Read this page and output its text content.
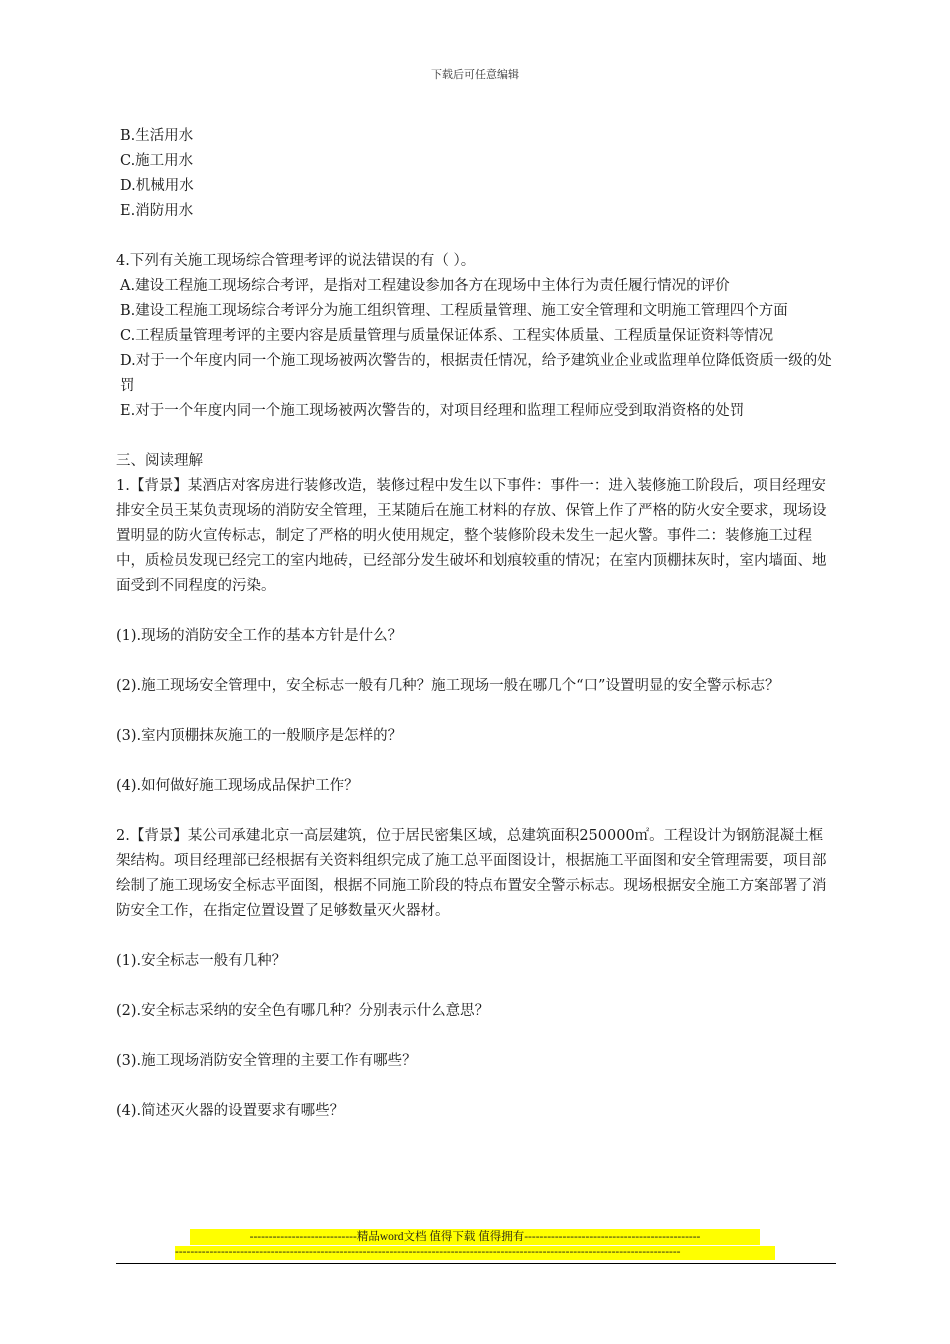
下载后可任意编辑

B.生活用水

C.施工用水

D.机械用水

E.消防用水

4.下列有关施工现场综合管理考评的说法错误的有（ ）。

A.建设工程施工现场综合考评，是指对工程建设参加各方在现场中主体行为责任履行情况的评价

B.建设工程施工现场综合考评分为施工组织管理、工程质量管理、施工安全管理和文明施工管理四个方面

C.工程质量管理考评的主要内容是质量管理与质量保证体系、工程实体质量、工程质量保证资料等情况

D.对于一个年度内同一个施工现场被两次警告的，根据责任情况，给予建筑业企业或监理单位降低资质一级的处罚

E.对于一个年度内同一个施工现场被两次警告的，对项目经理和监理工程师应受到取消资格的处罚

三、阅读理解

1.【背景】某酒店对客房进行装修改造，装修过程中发生以下事件：事件一：进入装修施工阶段后，项目经理安排安全员王某负责现场的消防安全管理，王某随后在施工材料的存放、保管上作了严格的防火安全要求，现场设置明显的防火宣传标志，制定了严格的明火使用规定，整个装修阶段未发生一起火警。事件二：装修施工过程中，质检员发现已经完工的室内地砖，已经部分发生破坏和划痕较重的情况；在室内顶棚抹灰时，室内墙面、地面受到不同程度的污染。

(1).现场的消防安全工作的基本方针是什么？

(2).施工现场安全管理中，安全标志一般有几种？施工现场一般在哪几个“口”设置明显的安全警示标志？

(3).室内顶棚抹灰施工的一般顺序是怎样的？

(4).如何做好施工现场成品保护工作？

2.【背景】某公司承建北京一高层建筑，位于居民密集区域，总建筑面积250000㎡。工程设计为钢筋混凝土框架结构。项目经理部已经根据有关资料组织完成了施工总平面图设计，根据施工平面图和安全管理需要，项目部绘制了施工现场安全标志平面图，根据不同施工阶段的特点布置安全警示标志。现场根据安全施工方案部署了消防安全工作，在指定位置设置了足够数量灭火器材。

(1).安全标志一般有几种？

(2).安全标志采纳的安全色有哪几种？分别表示什么意思？

(3).施工现场消防安全管理的主要工作有哪些？

(4).简述灭火器的设置要求有哪些？

----------------------------精品word文档 值得下载 值得拥有----------------------------------------------
------------------------------------------------------------------------------------------------------------------------------------
